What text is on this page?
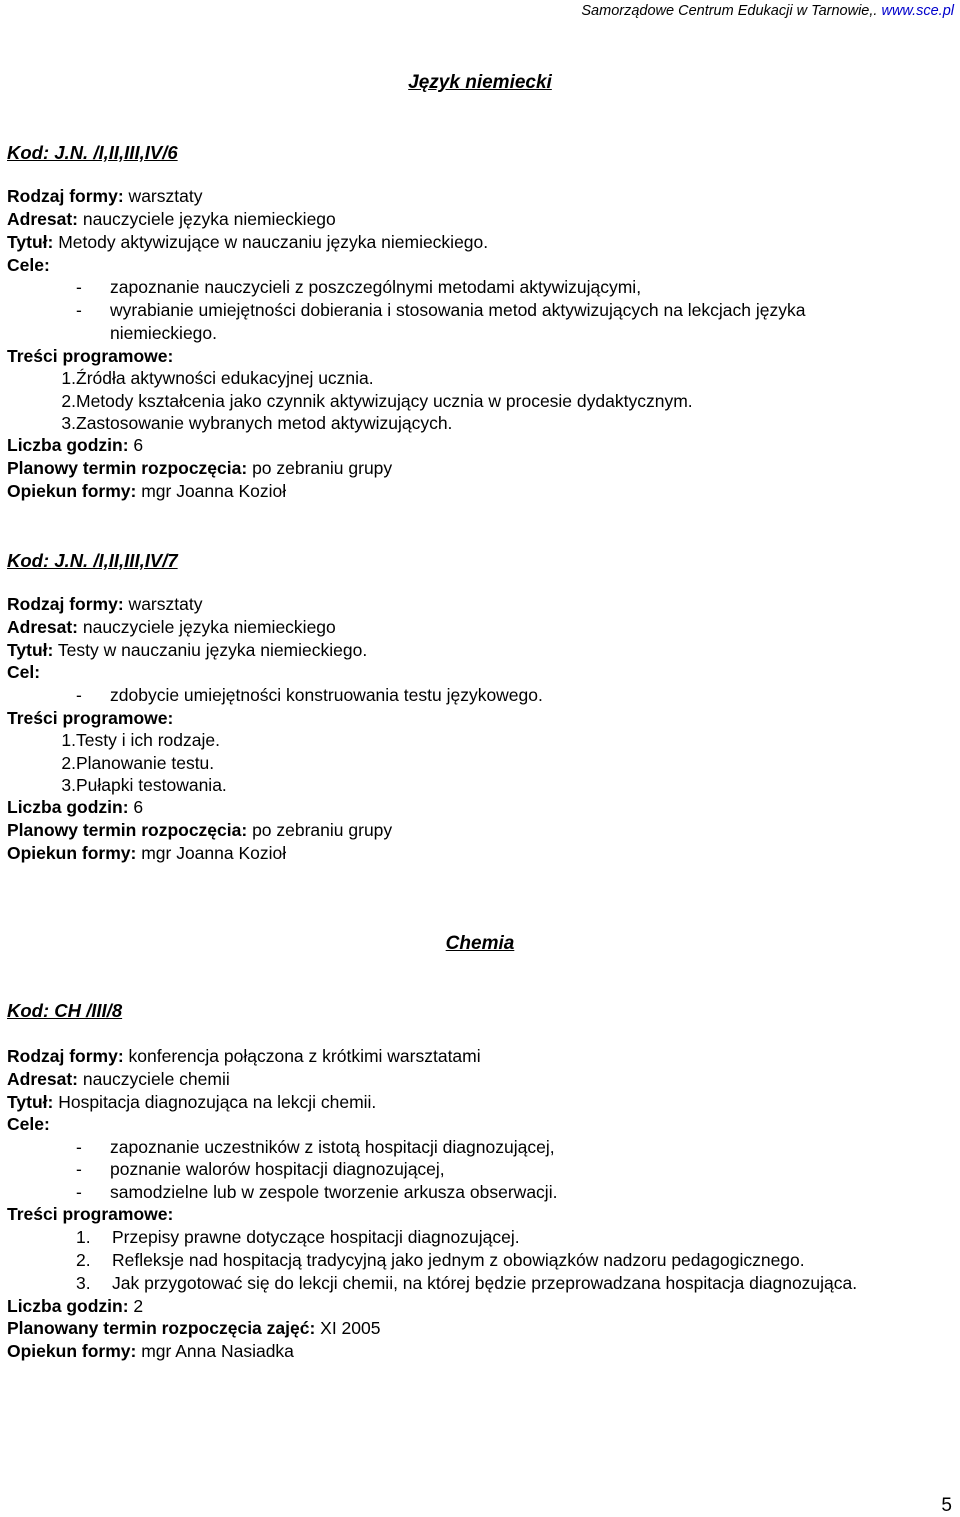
Samorządowe Centrum Edukacji w Tarnowie,. www.sce.pl
Język niemiecki
Kod: J.N. /I,II,III,IV/6
Rodzaj formy: warsztaty
Adresat: nauczyciele języka niemieckiego
Tytuł: Metody aktywizujące w nauczaniu języka niemieckiego.
Cele:
- zapoznanie nauczycieli z poszczególnymi metodami aktywizującymi,
- wyrabianie umiejętności dobierania i stosowania metod aktywizujących na lekcjach języka
niemieckiego.
Treści programowe:
1.Źródła aktywności edukacyjnej ucznia.
2.Metody kształcenia jako czynnik aktywizujący ucznia w procesie dydaktycznym.
3.Zastosowanie wybranych metod aktywizujących.
Liczba godzin: 6
Planowy termin rozpoczęcia: po zebraniu grupy
Opiekun formy: mgr Joanna Kozioł
Kod: J.N. /I,II,III,IV/7
Rodzaj formy: warsztaty
Adresat: nauczyciele języka niemieckiego
Tytuł: Testy w nauczaniu języka niemieckiego.
Cel:
- zdobycie umiejętności konstruowania testu językowego.
Treści programowe:
1.Testy i ich rodzaje.
2.Planowanie testu.
3.Pułapki testowania.
Liczba godzin: 6
Planowy termin rozpoczęcia: po zebraniu grupy
Opiekun formy: mgr Joanna Kozioł
Chemia
Kod: CH /III/8
Rodzaj formy: konferencja połączona z krótkimi warsztatami
Adresat: nauczyciele chemii
Tytuł: Hospitacja diagnozująca na lekcji chemii.
Cele:
- zapoznanie uczestników z istotą hospitacji diagnozującej,
- poznanie walorów hospitacji diagnozującej,
- samodzielne lub w zespole tworzenie arkusza obserwacji.
Treści programowe:
1. Przepisy prawne dotyczące hospitacji diagnozującej.
2. Refleksje nad hospitacją tradycyjną jako jednym z obowiązków nadzoru pedagogicznego.
3. Jak przygotować się do lekcji chemii, na której będzie przeprowadzana hospitacja diagnozująca.
Liczba godzin: 2
Planowany termin rozpoczęcia zajęć: XI 2005
Opiekun formy: mgr Anna Nasiadka
5
